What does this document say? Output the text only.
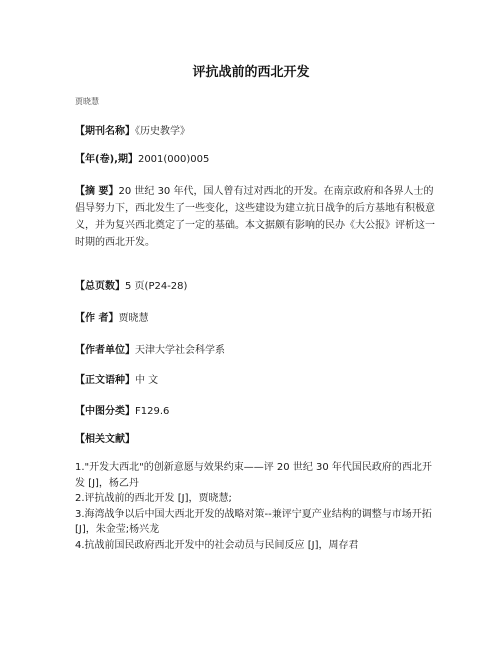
评抗战前的西北开发
贾晓慧
【期刊名称】《历史教学》
【年(卷),期】2001(000)005
【摘 要】20 世纪 30 年代，国人曾有过对西北的开发。在南京政府和各界人士的倡导努力下，西北发生了一些变化，这些建设为建立抗日战争的后方基地有积极意义，并为复兴西北奠定了一定的基础。本文据颇有影响的民办《大公报》评析这一时期的西北开发。
【总页数】5 页(P24-28)
【作 者】贾晓慧
【作者单位】天津大学社会科学系
【正文语种】中 文
【中图分类】F129.6
【相关文献】

1."开发大西北"的创新意愿与效果约束——评 20 世纪 30 年代国民政府的西北开发 [J]，杨乙丹

2.评抗战前的西北开发 [J]，贾晓慧;

3.海湾战争以后中国大西北开发的战略对策--兼评宁夏产业结构的调整与市场开拓 [J]，朱金莹;杨兴龙

4.抗战前国民政府西北开发中的社会动员与民间反应 [J]，周存君
